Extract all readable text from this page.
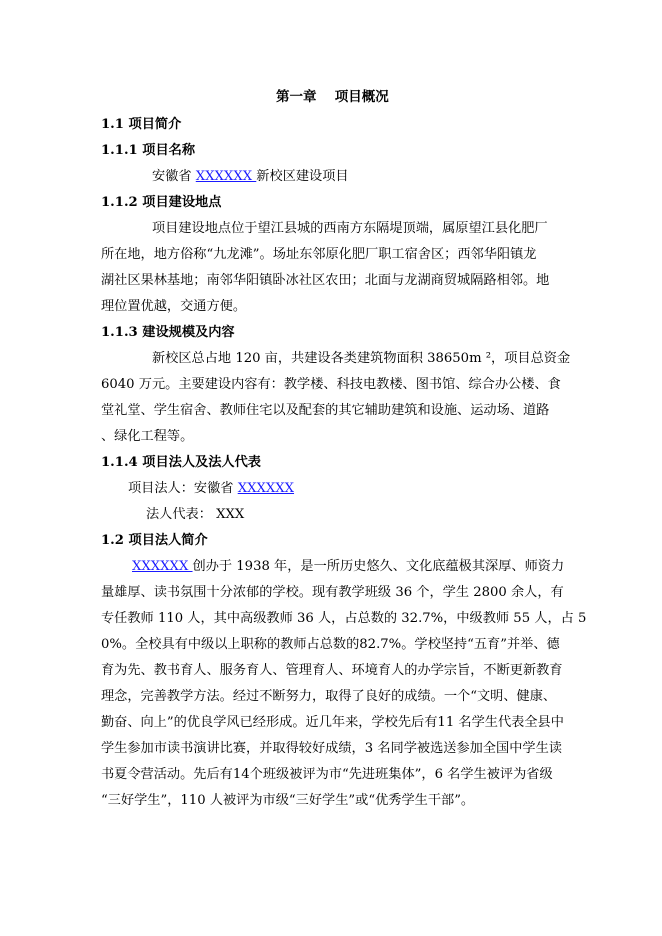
第一章　 项目概况
1.1 项目简介
1.1.1 项目名称
安徽省 XXXXXX 新校区建设项目
1.1.2 项目建设地点
项目建设地点位于望江县城的西南方东隔堤顶端，属原望江县化肥厂
所在地，地方俗称“九龙滩”。场址东邻原化肥厂职工宿舍区；西邻华阳镇龙
湖社区果林基地；南邻华阳镇卧冰社区农田；北面与龙湖商贸城隔路相邻。地
理位置优越，交通方便。
1.1.3 建设规模及内容
新校区总占地 120 亩，共建设各类建筑物面积 38650m ²，项目总资金
6040 万元。主要建设内容有：教学楼、科技电教楼、图书馆、综合办公楼、食
堂礼堂、学生宿舍、教师住宅以及配套的其它辅助建筑和设施、运动场、道路
、绿化工程等。
1.1.4 项目法人及法人代表
项目法人：安徽省 XXXXXX
法人代表： XXX
1.2 项目法人简介
XXXXXX 创办于 1938 年，是一所历史悠久、文化底蕴极其深厚、师资力
量雄厚、读书氛围十分浓郁的学校。现有教学班级 36 个，学生 2800 余人，有
专任教师 110 人，其中高级教师 36 人，占总数的 32.7%，中级教师 55 人，占 5
0%。全校具有中级以上职称的教师占总数的82.7%。学校坚持“五育”并举、德
育为先、教书育人、服务育人、管理育人、环境育人的办学宗旨，不断更新教育
理念，完善教学方法。经过不断努力，取得了良好的成绩。一个“文明、健康、
勤奋、向上”的优良学风已经形成。近几年来，学校先后有11 名学生代表全县中
学生参加市读书演讲比赛，并取得较好成绩，3 名同学被选送参加全国中学生读
书夏令营活动。先后有14个班级被评为市“先进班集体”，6 名学生被评为省级
“三好学生”，110 人被评为市级“三好学生”或“优秀学生干部”。
